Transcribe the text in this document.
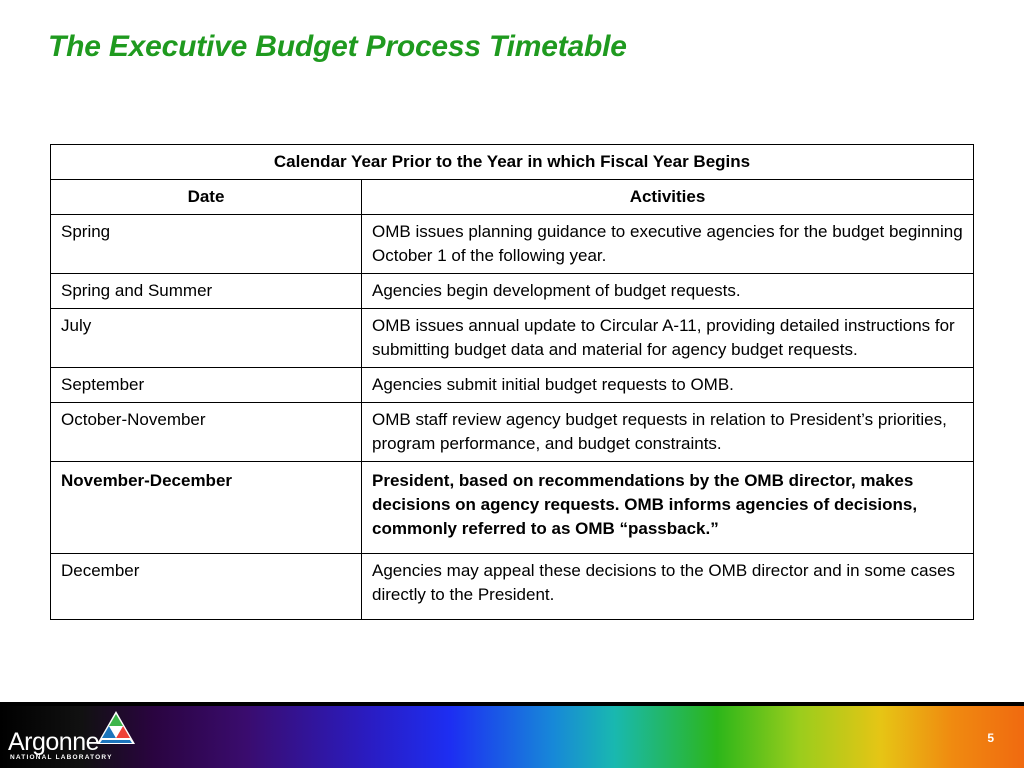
The Executive Budget Process Timetable
Calendar Year Prior to the Year in which Fiscal Year Begins	
Date	Activities
Spring	OMB issues planning guidance to executive agencies for the budget beginning October 1 of the following year.
Spring and Summer	Agencies begin development of budget requests.
July	OMB issues annual update to Circular A-11, providing detailed instructions for submitting budget data and material for agency budget requests.
September	Agencies submit initial budget requests to OMB.
October-November	OMB staff review agency budget requests in relation to President’s priorities, program performance, and budget constraints.
November-December	President, based on recommendations by the OMB director, makes decisions on agency requests. OMB informs agencies of decisions, commonly referred to as OMB “passback.”
December	Agencies may appeal these decisions to the OMB director and in some cases directly to the President.
Argonne
NATIONAL LABORATORY
5
